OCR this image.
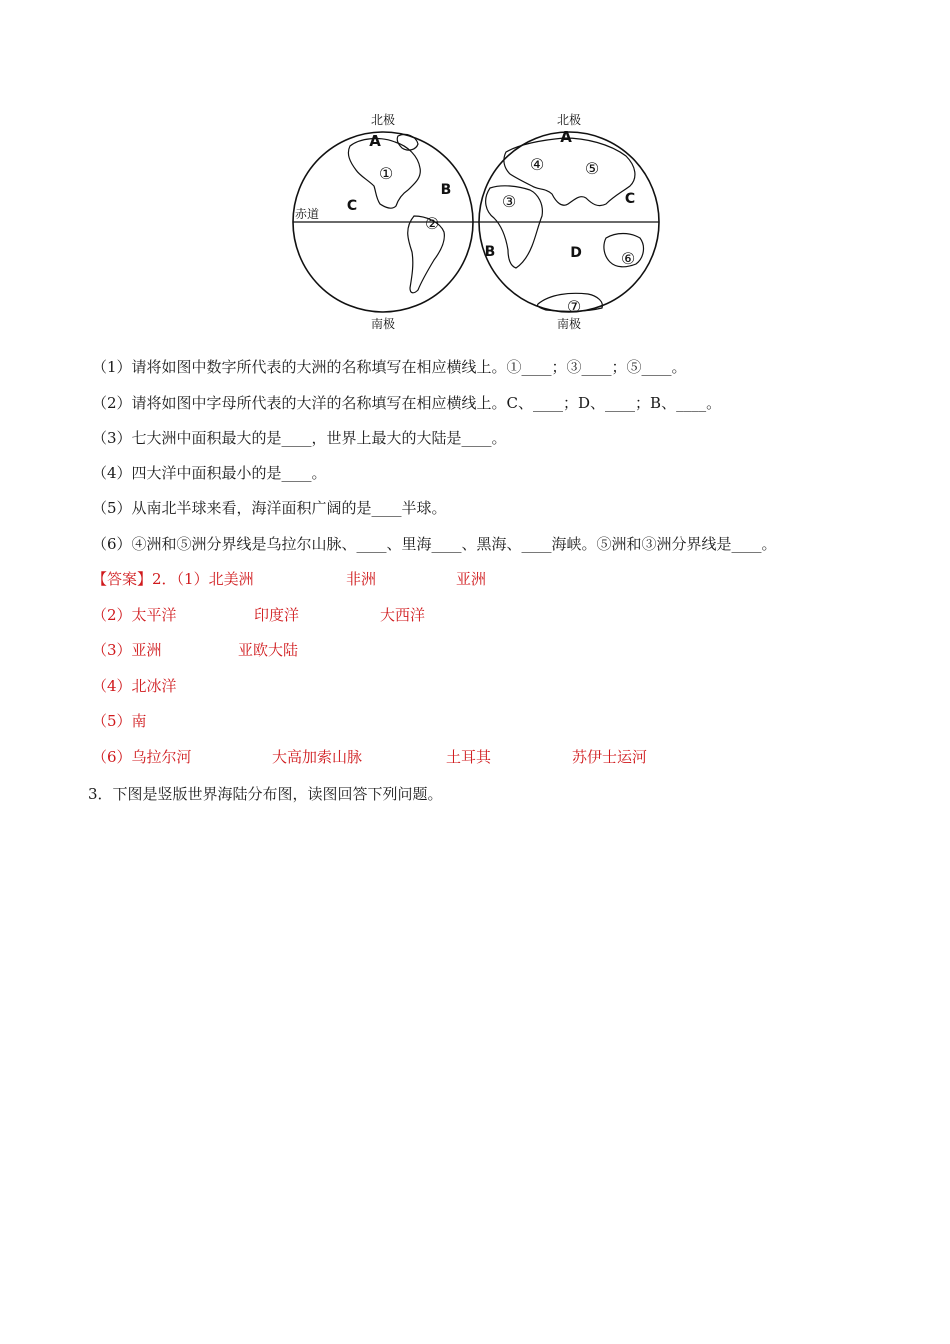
北极	北极
南极	南极
赤道
A
①
B
C
②
A
④	⑤
C
③
B	D ⑥
⑦
（1）请将如图中数字所代表的大洲的名称填写在相应横线上。①____；③____；⑤____。
（2）请将如图中字母所代表的大洋的名称填写在相应横线上。C、____；D、____；B、____。
（3）七大洲中面积最大的是____，世界上最大的大陆是____。
（4）四大洋中面积最小的是____。
（5）从南北半球来看，海洋面积广阔的是____半球。
（6）④洲和⑤洲分界线是乌拉尔山脉、____、里海____、黑海、____海峡。⑤洲和③洲分界线是____。
【答案】2．（1）北美洲	非洲	亚洲
（2）太平洋	印度洋	大西洋
（3）亚洲	亚欧大陆
（4）北冰洋
（5）南
（6）乌拉尔河	大高加索山脉	土耳其	苏伊士运河
3．下图是竖版世界海陆分布图，读图回答下列问题。
